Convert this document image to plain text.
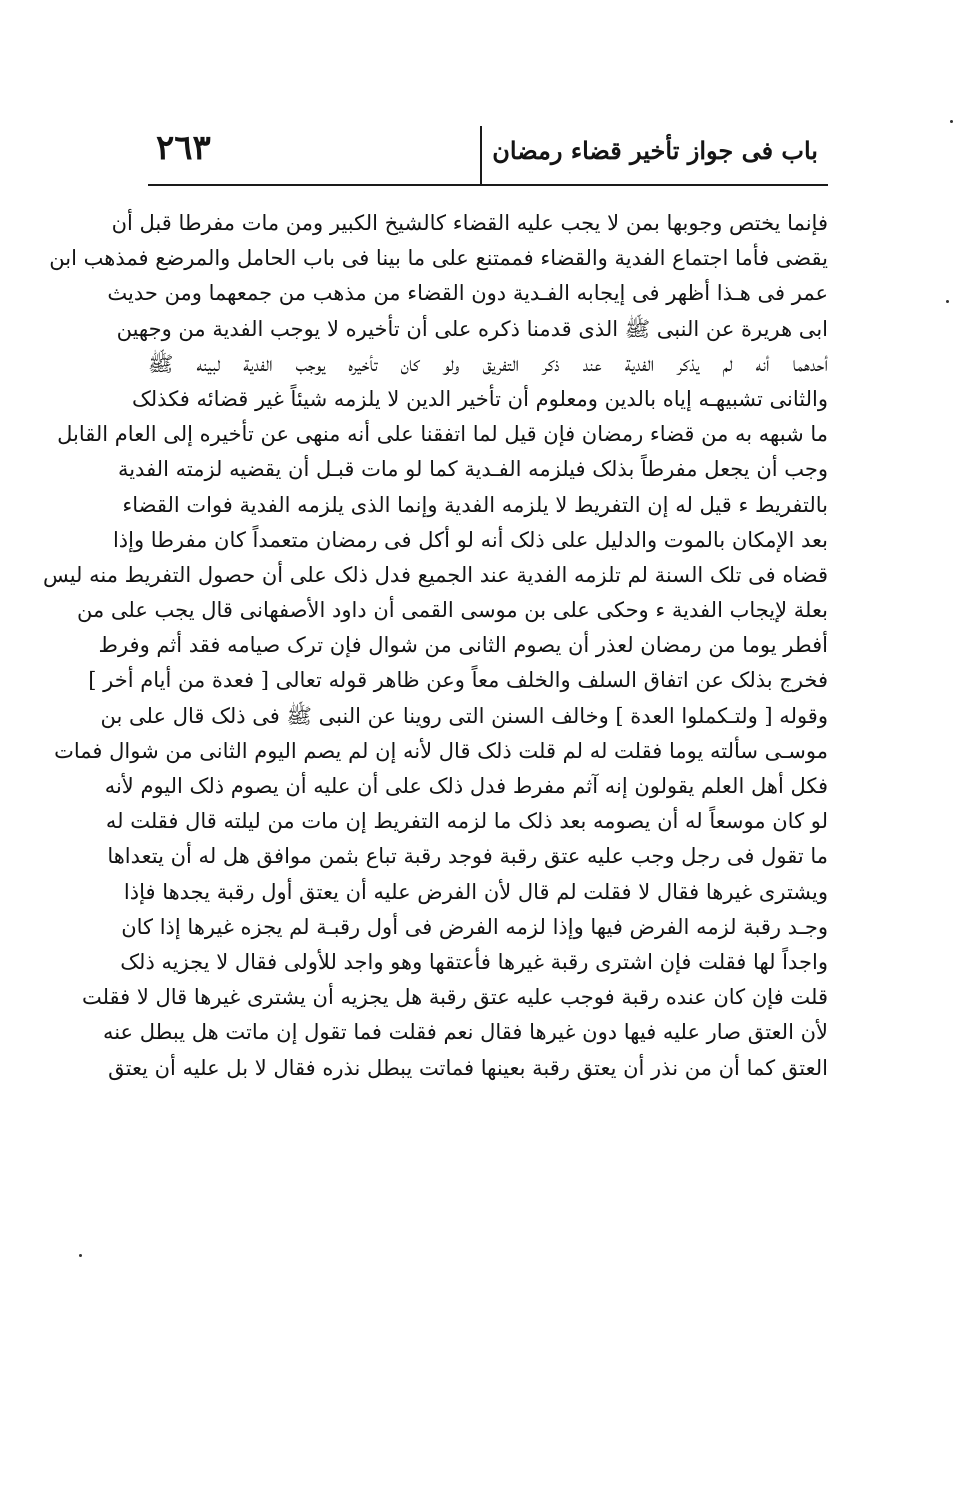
باب فی جواز تأخیر قضاء رمضان
٢٦٣
فإنما یختص وجوبها بمن لا یجب علیه القضاء کالشیخ الکبیر ومن مات مفرطا قبل أن
یقضی فأما اجتماع الفدیة والقضاء فممتنع علی ما بینا فی باب الحامل والمرضع فمذهب ابن
عمر فی هـذا أظهر فی إیجابه الفـدیة دون القضاء من مذهب من جمعهما ومن حدیث
ابی هریرة عن النبی ﷺ الذی قدمنا ذکره علی أن تأخیره لا یوجب الفدیة من وجهین
أحدهما أنه لم یذکر الفدیة عند ذکر التفریق ولو کان تأخیره یوجب الفدیة لبینه ﷺ
والثانی تشبیهـه إیاه بالدین ومعلوم أن تأخیر الدین لا یلزمه شیئاً غیر قضائه فکذلک
ما شبهه به من قضاء رمضان فإن قیل لما اتفقنا علی أنه منهی عن تأخیره إلی العام القابل
وجب أن یجعل مفرطاً بذلک فیلزمه الفـدیة کما لو مات قبـل أن یقضیه لزمته الفدیة
بالتفریط ء قیل له إن التفریط لا یلزمه الفدیة وإنما الذی یلزمه الفدیة فوات القضاء
بعد الإمکان بالموت والدلیل علی ذلک أنه لو أکل فی رمضان متعمداً کان مفرطا وإذا
قضاه فی تلک السنة لم تلزمه الفدیة عند الجمیع فدل ذلک علی أن حصول التفریط منه لیس
بعلة لإیجاب الفدیة ء وحکی علی بن موسی القمی أن داود الأصفهانی قال یجب علی من
أفطر یوما من رمضان لعذر أن یصوم الثانی من شوال فإن ترک صیامه فقد أثم وفرط
فخرج بذلک عن اتفاق السلف والخلف معاً وعن ظاهر قوله تعالی [ فعدة من أیام أخر ]
وقوله [ ولتـکملوا العدة ] وخالف السنن التی روینا عن النبی ﷺ فی ذلک قال علی بن
موسـی سألته یوما فقلت له لم قلت ذلک قال لأنه إن لم یصم الیوم الثانی من شوال فمات
فکل أهل العلم یقولون إنه آثم مفرط فدل ذلک علی أن علیه أن یصوم ذلک الیوم لأنه
لو کان موسعاً له أن یصومه بعد ذلک ما لزمه التفریط إن مات من لیلته قال فقلت له
ما تقول فی رجل وجب علیه عتق رقبة فوجد رقبة تباع بثمن موافق هل له أن یتعداها
ویشتری غیرها فقال لا فقلت لم قال لأن الفرض علیه أن یعتق أول رقبة یجدها فإذا
وجـد رقبة لزمه الفرض فیها وإذا لزمه الفرض فی أول رقبـة لم یجزه غیرها إذا کان
واجداً لها فقلت فإن اشتری رقبة غیرها فأعتقها وهو واجد للأولی فقال لا یجزیه ذلک
قلت فإن کان عنده رقبة فوجب علیه عتق رقبة هل یجزیه أن یشتری غیرها قال لا فقلت
لأن العتق صار علیه فیها دون غیرها فقال نعم فقلت فما تقول إن ماتت هل یبطل عنه
العتق کما أن من نذر أن یعتق رقبة بعینها فماتت یبطل نذره فقال لا بل علیه أن یعتق
